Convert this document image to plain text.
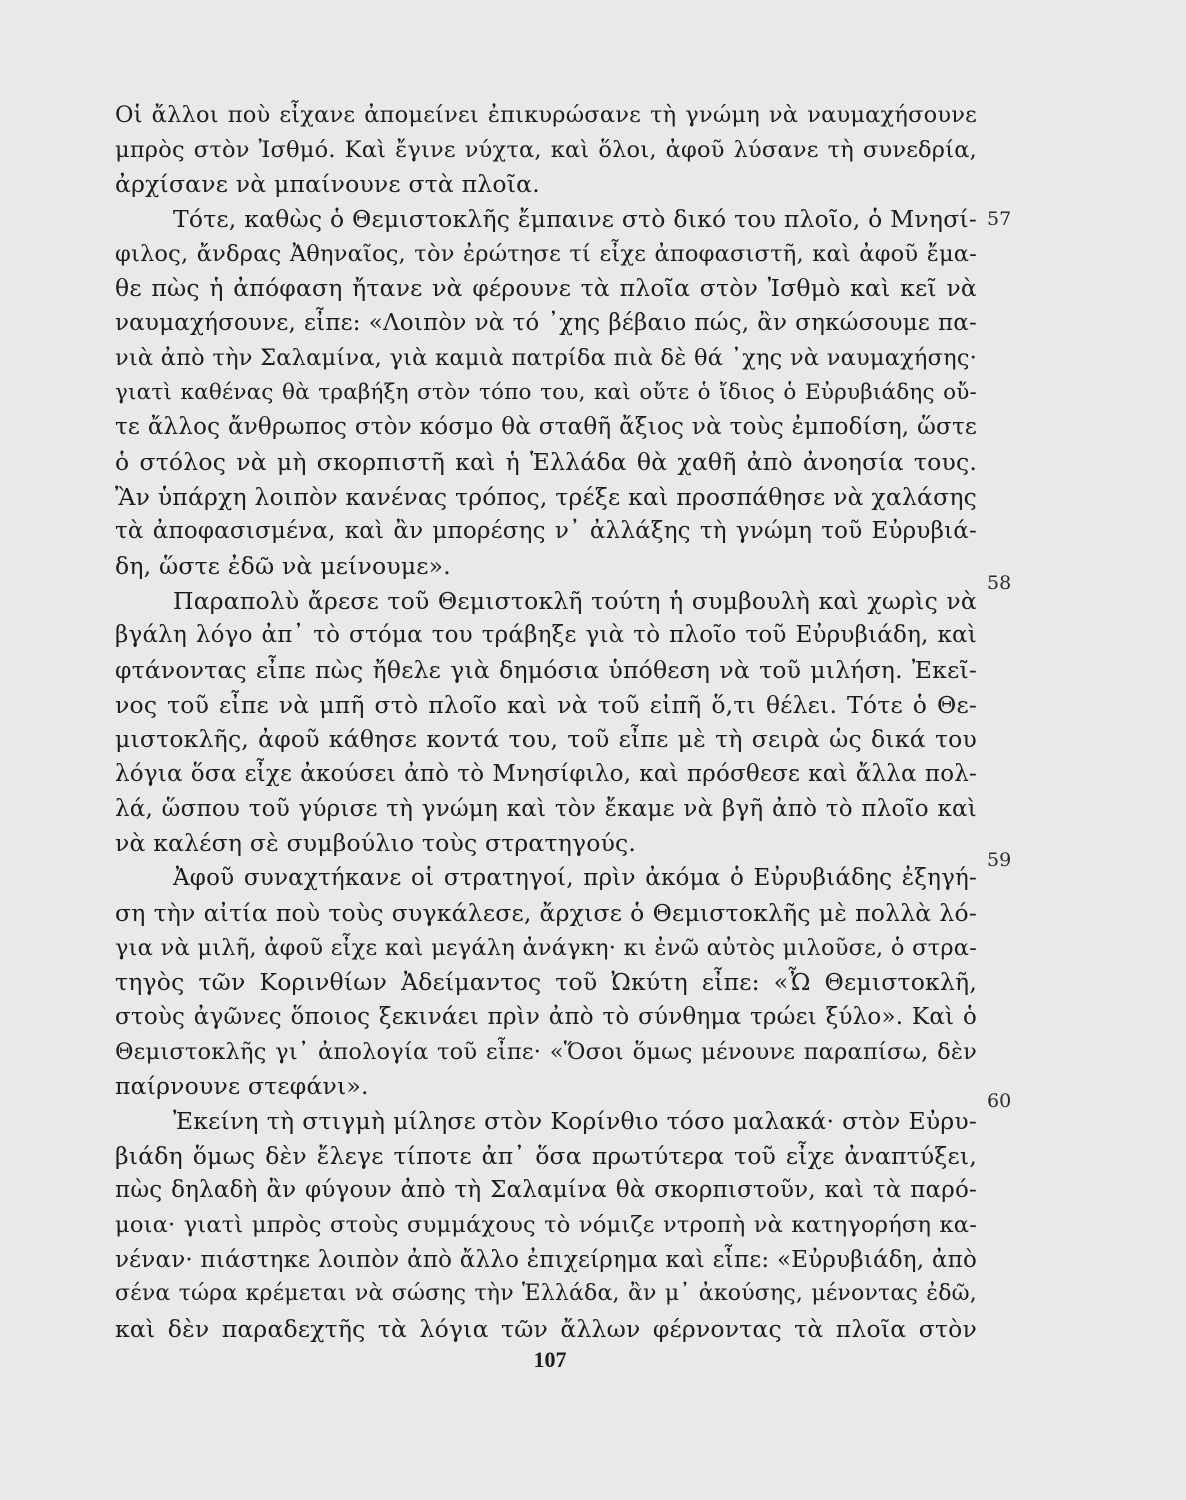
Οἱ ἄλλοι ποὺ εἶχανε ἀπομείνει ἐπικυρώσανε τὴ γνώμη νὰ ναυμαχήσουνε
μπρὸς στὸν Ἰσθμό. Καὶ ἔγινε νύχτα, καὶ ὅλοι, ἀφοῦ λύσανε τὴ συνεδρία,
ἀρχίσανε νὰ μπαίνουνε στὰ πλοῖα.
Τότε, καθὼς ὁ Θεμιστοκλῆς ἔμπαινε στὸ δικό του πλοῖο, ὁ Μνησί-
φιλος, ἄνδρας Ἀθηναῖος, τὸν ἐρώτησε τί εἶχε ἀποφασιστῆ, καὶ ἀφοῦ ἔμα-
θε πὼς ἡ ἀπόφαση ἤτανε νὰ φέρουνε τὰ πλοῖα στὸν Ἰσθμὸ καὶ κεῖ νὰ
ναυμαχήσουνε, εἶπε: «Λοιπὸν νὰ τό ᾽χης βέβαιο πώς, ἂν σηκώσουμε πα-
νιὰ ἀπὸ τὴν Σαλαμίνα, γιὰ καμιὰ πατρίδα πιὰ δὲ θά ᾽χης νὰ ναυμαχήσης·
γιατὶ καθένας θὰ τραβήξη στὸν τόπο του, καὶ οὔτε ὁ ἴδιος ὁ Εὐρυβιάδης οὔ-
τε ἄλλος ἄνθρωπος στὸν κόσμο θὰ σταθῆ ἄξιος νὰ τοὺς ἐμποδίση, ὥστε
ὁ στόλος νὰ μὴ σκορπιστῆ καὶ ἡ Ἑλλάδα θὰ χαθῆ ἀπὸ ἀνοησία τους.
Ἂν ὑπάρχη λοιπὸν κανένας τρόπος, τρέξε καὶ προσπάθησε νὰ χαλάσης
τὰ ἀποφασισμένα, καὶ ἂν μπορέσης ν᾽ ἀλλάξης τὴ γνώμη τοῦ Εὐρυβιά-
δη, ὥστε ἐδῶ νὰ μείνουμε».
Παραπολὺ ἄρεσε τοῦ Θεμιστοκλῆ τούτη ἡ συμβουλὴ καὶ χωρὶς νὰ
βγάλη λόγο ἀπ᾽ τὸ στόμα του τράβηξε γιὰ τὸ πλοῖο τοῦ Εὐρυβιάδη, καὶ
φτάνοντας εἶπε πὼς ἤθελε γιὰ δημόσια ὑπόθεση νὰ τοῦ μιλήση. Ἐκεῖ-
νος τοῦ εἶπε νὰ μπῆ στὸ πλοῖο καὶ νὰ τοῦ εἰπῆ ὅ,τι θέλει. Τότε ὁ Θε-
μιστοκλῆς, ἀφοῦ κάθησε κοντά του, τοῦ εἶπε μὲ τὴ σειρὰ ὡς δικά του
λόγια ὅσα εἶχε ἀκούσει ἀπὸ τὸ Μνησίφιλο, καὶ πρόσθεσε καὶ ἄλλα πολ-
λά, ὥσπου τοῦ γύρισε τὴ γνώμη καὶ τὸν ἔκαμε νὰ βγῆ ἀπὸ τὸ πλοῖο καὶ
νὰ καλέση σὲ συμβούλιο τοὺς στρατηγούς.
Ἀφοῦ συναχτήκανε οἱ στρατηγοί, πρὶν ἀκόμα ὁ Εὐρυβιάδης ἐξηγή-
ση τὴν αἰτία ποὺ τοὺς συγκάλεσε, ἄρχισε ὁ Θεμιστοκλῆς μὲ πολλὰ λό-
για νὰ μιλῆ, ἀφοῦ εἶχε καὶ μεγάλη ἀνάγκη· κι ἐνῶ αὐτὸς μιλοῦσε, ὁ στρα-
τηγὸς τῶν Κορινθίων Ἀδείμαντος τοῦ Ὠκύτη εἶπε: «Ὦ Θεμιστοκλῆ,
στοὺς ἀγῶνες ὅποιος ξεκινάει πρὶν ἀπὸ τὸ σύνθημα τρώει ξύλο». Καὶ ὁ
Θεμιστοκλῆς γι᾽ ἀπολογία τοῦ εἶπε· «Ὅσοι ὅμως μένουνε παραπίσω, δὲν
παίρνουνε στεφάνι».
Ἐκείνη τὴ στιγμὴ μίλησε στὸν Κορίνθιο τόσο μαλακά· στὸν Εὐρυ-
βιάδη ὅμως δὲν ἔλεγε τίποτε ἀπ᾽ ὅσα πρωτύτερα τοῦ εἶχε ἀναπτύξει,
πὼς δηλαδὴ ἂν φύγουν ἀπὸ τὴ Σαλαμίνα θὰ σκορπιστοῦν, καὶ τὰ παρό-
μοια· γιατὶ μπρὸς στοὺς συμμάχους τὸ νόμιζε ντροπὴ νὰ κατηγορήση κα-
νέναν· πιάστηκε λοιπὸν ἀπὸ ἄλλο ἐπιχείρημα καὶ εἶπε: «Εὐρυβιάδη, ἀπὸ
σένα τώρα κρέμεται νὰ σώσης τὴν Ἑλλάδα, ἂν μ᾽ ἀκούσης, μένοντας ἐδῶ,
καὶ δὲν παραδεχτῆς τὰ λόγια τῶν ἄλλων φέρνοντας τὰ πλοῖα στὸν
57
58
59
60
107
